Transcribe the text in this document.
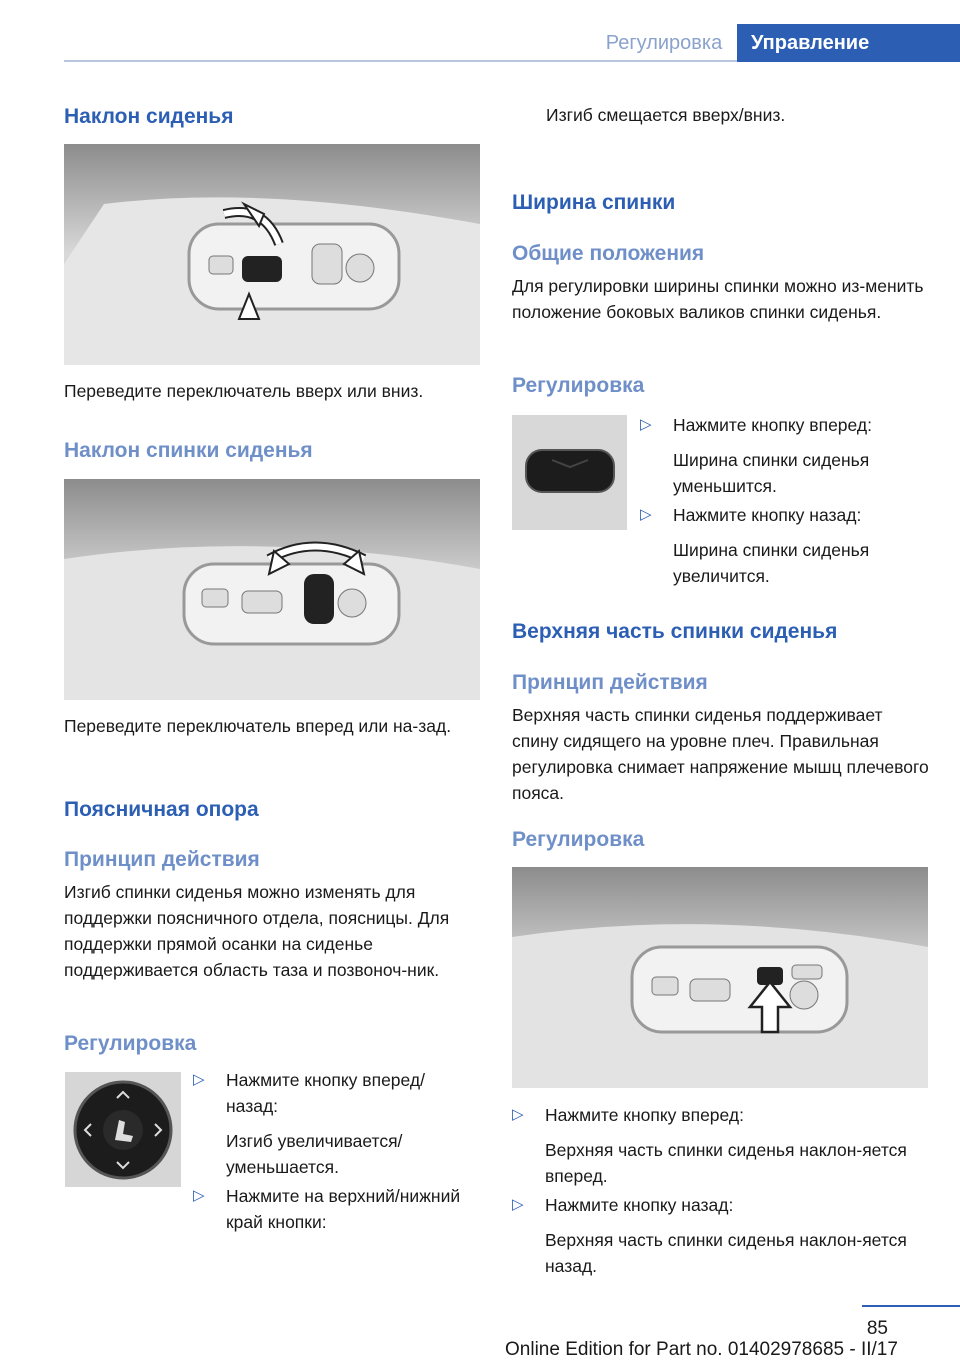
Регулировка	Управление
Наклон сиденья

Переведите переключатель вверх или вниз.

Наклон спинки сиденья

Переведите переключатель вперед или на-зад.

Поясничная опора
Принцип действия

Изгиб спинки сиденья можно изменять для поддержки поясничного отдела, поясницы. Для поддержки прямой осанки на сиденье поддерживается область таза и позвоноч-ник.

Регулировка
▷	Нажмите кнопку вперед/назад:
Изгиб увеличивается/уменьшается.
▷	Нажмите на верхний/нижний край кнопки:

Изгиб смещается вверх/вниз.

Ширина спинки
Общие положения

Для регулировки ширины спинки можно из-менить положение боковых валиков спинки сиденья.

Регулировка
▷	Нажмите кнопку вперед:
Ширина спинки сиденья уменьшится.
▷	Нажмите кнопку назад:
Ширина спинки сиденья увеличится.
Верхняя часть спинки сиденья
Принцип действия

Верхняя часть спинки сиденья поддерживает спину сидящего на уровне плеч. Правильная регулировка снимает напряжение мышц плечевого пояса.

Регулировка
▷	Нажмите кнопку вперед:
Верхняя часть спинки сиденья наклон-яется вперед.
▷	Нажмите кнопку назад:
Верхняя часть спинки сиденья наклон-яется назад.
85
Online Edition for Part no. 01402978685 - II/17
